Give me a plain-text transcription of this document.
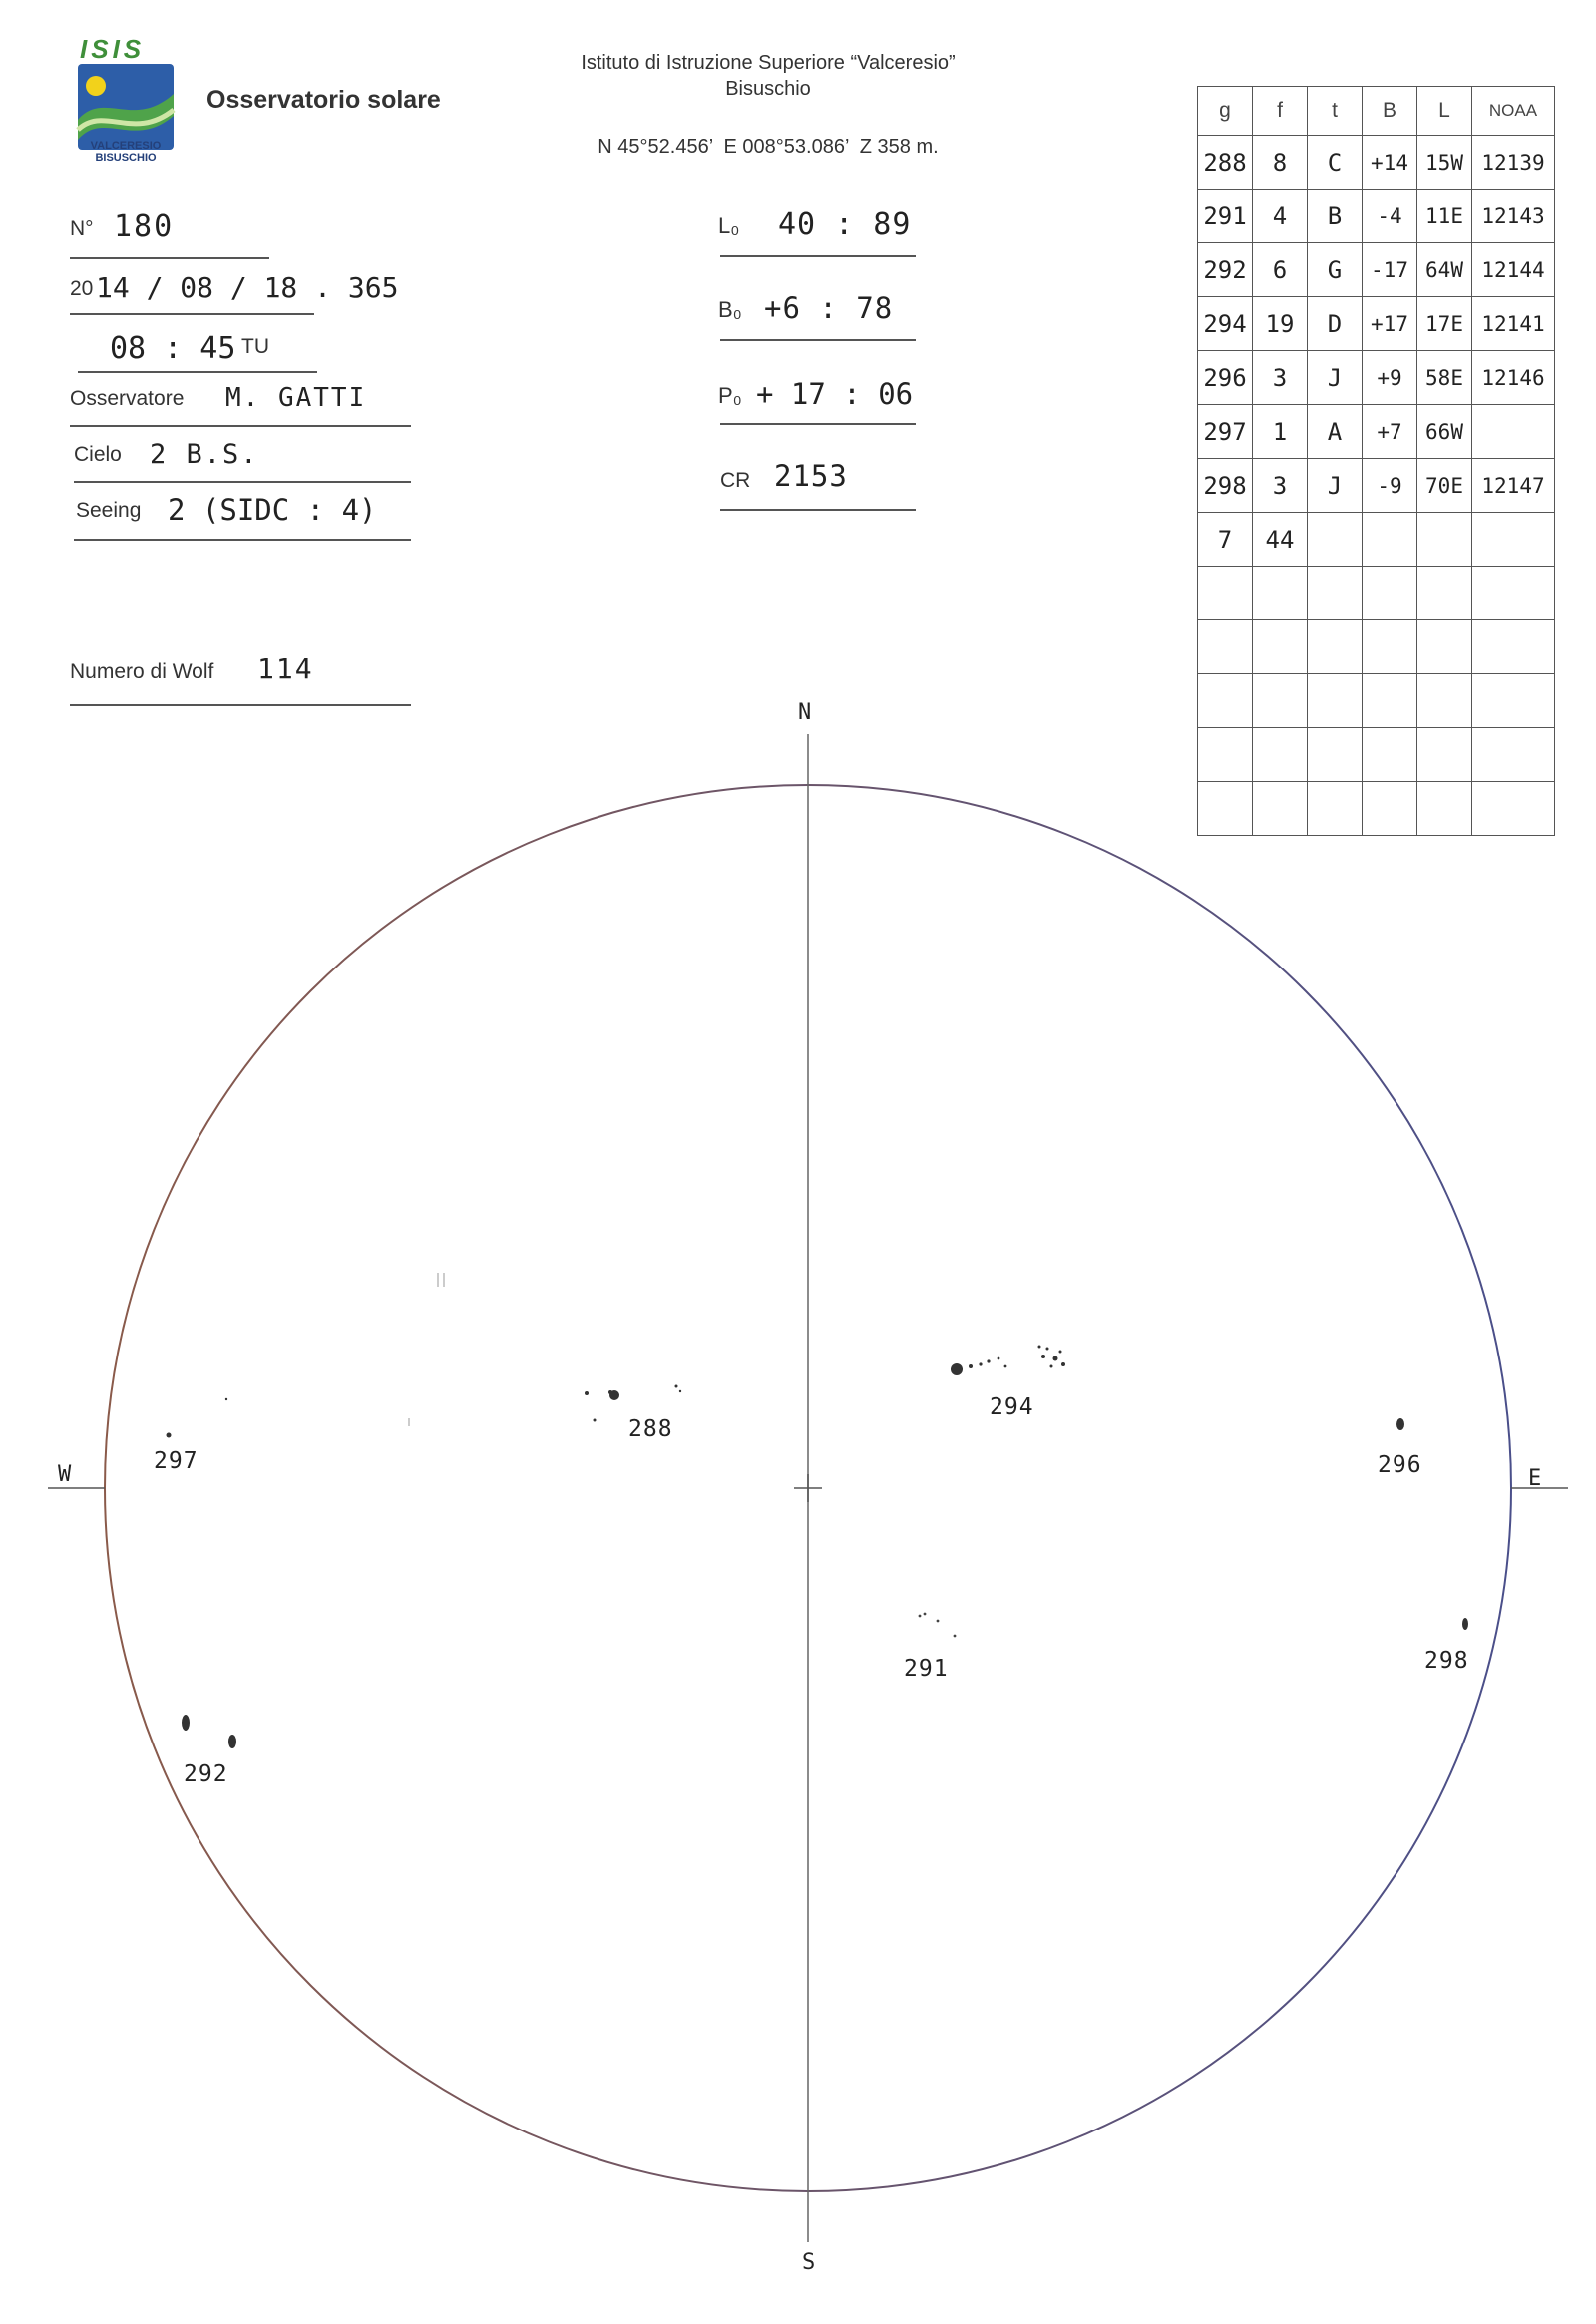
ISIS
VALCERESIO
BISUSCHIO
Osservatorio solare
Istituto di Istruzione Superiore “Valceresio”
Bisuschio
N 45°52.456’  E 008°53.086’  Z 358 m.
N° 180
20 14 / 08 / 18 . 365
08 : 45 TU
Osservatore M. GATTI
Cielo 2 B.S.
Seeing 2 (SIDC : 4)
Numero di Wolf 114
L₀ 40 : 89
B₀ +6 : 78
P₀ + 17 : 06
CR 2153
g	f	t	B	L	NOAA
288	8	C	+14	15W	12139
291	4	B	-4	11E	12143
292	6	G	-17	64W	12144
294	19	D	+17	17E	12141
296	3	J	+9	58E	12146
297	1	A	+7	66W	
298	3	J	-9	70E	12147
7	44				

N
S
W	E
288
291
292
294
296
297
298
